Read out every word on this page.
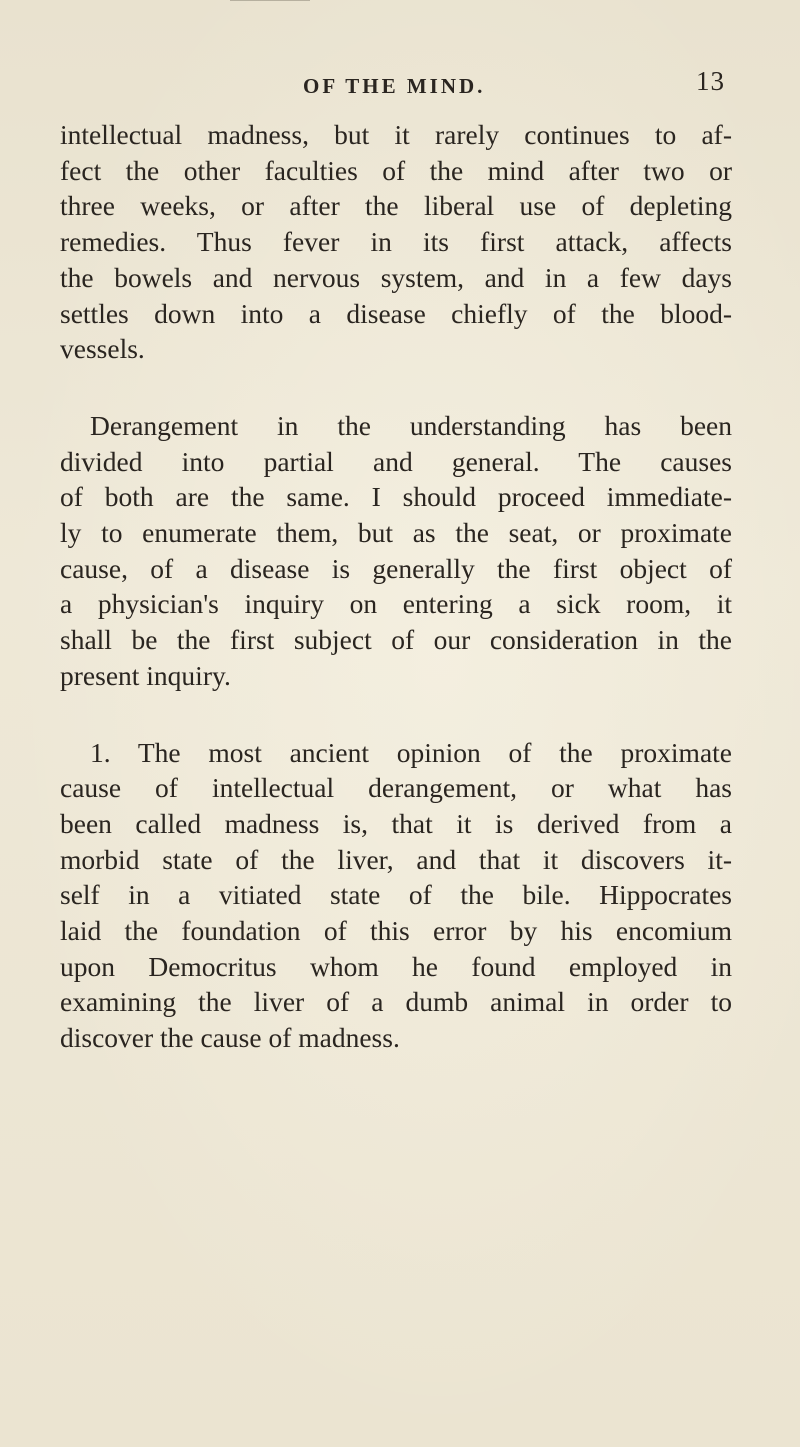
OF THE MIND.	13
intellectual madness, but it rarely continues to af-
fect the other faculties of the mind after two or
three weeks, or after the liberal use of depleting
remedies. Thus fever in its first attack, affects
the bowels and nervous system, and in a few days
settles down into a disease chiefly of the blood-
vessels.
Derangement in the understanding has been
divided into partial and general. The causes
of both are the same. I should proceed immediate-
ly to enumerate them, but as the seat, or proximate
cause, of a disease is generally the first object of
a physician's inquiry on entering a sick room, it
shall be the first subject of our consideration in the
present inquiry.
1. The most ancient opinion of the proximate
cause of intellectual derangement, or what has
been called madness is, that it is derived from a
morbid state of the liver, and that it discovers it-
self in a vitiated state of the bile. Hippocrates
laid the foundation of this error by his encomium
upon Democritus whom he found employed in
examining the liver of a dumb animal in order to
discover the cause of madness.
